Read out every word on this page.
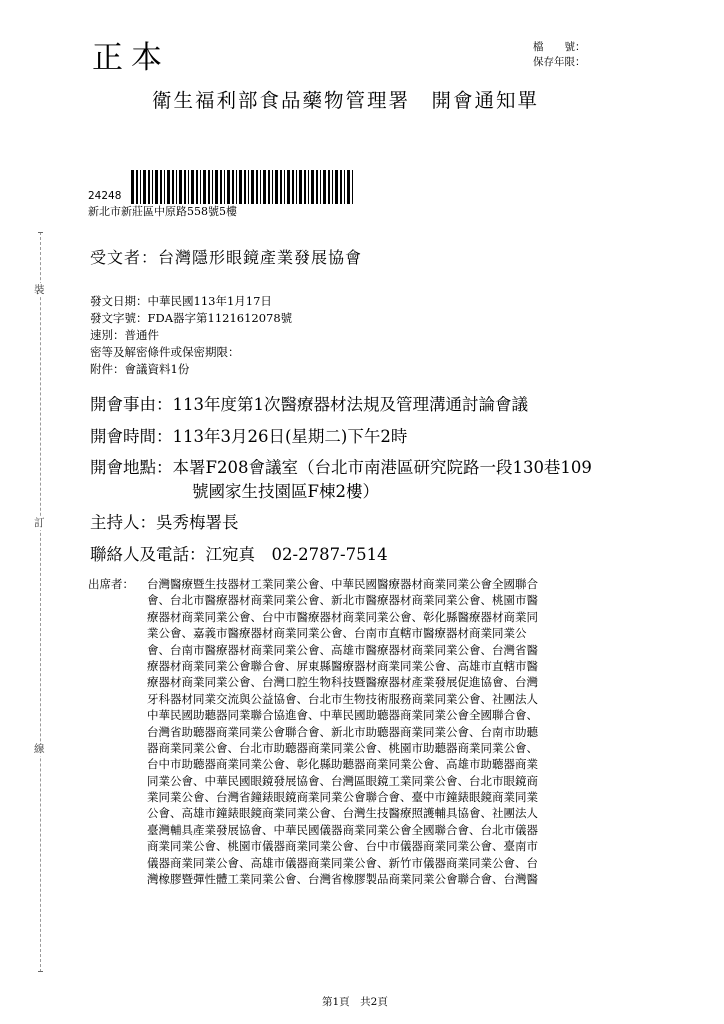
正本	檔　　號：
保存年限：
衛生福利部食品藥物管理署　開會通知單
24248
新北市新莊區中原路558號5樓
受文者：台灣隱形眼鏡產業發展協會
發文日期：中華民國113年1月17日
發文字號：FDA器字第1121612078號
速別：普通件
密等及解密條件或保密期限：
附件：會議資料1份
開會事由：113年度第1次醫療器材法規及管理溝通討論會議
開會時間：113年3月26日(星期二)下午2時
開會地點：本署F208會議室（台北市南港區研究院路一段130巷109
號國家生技園區F棟2樓）
主持人：吳秀梅署長
聯絡人及電話：江宛真　02-2787-7514
出席者： 台灣醫療暨生技器材工業同業公會、中華民國醫療器材商業同業公會全國聯合
會、台北市醫療器材商業同業公會、新北市醫療器材商業同業公會、桃園市醫
療器材商業同業公會、台中市醫療器材商業同業公會、彰化縣醫療器材商業同
業公會、嘉義市醫療器材商業同業公會、台南市直轄市醫療器材商業同業公
會、台南市醫療器材商業同業公會、高雄市醫療器材商業同業公會、台灣省醫
療器材商業同業公會聯合會、屏東縣醫療器材商業同業公會、高雄市直轄市醫
療器材商業同業公會、台灣口腔生物科技暨醫療器材產業發展促進協會、台灣
牙科器材同業交流與公益協會、台北市生物技術服務商業同業公會、社團法人
中華民國助聽器同業聯合協進會、中華民國助聽器商業同業公會全國聯合會、
台灣省助聽器商業同業公會聯合會、新北市助聽器商業同業公會、台南市助聽
器商業同業公會、台北市助聽器商業同業公會、桃園市助聽器商業同業公會、
台中市助聽器商業同業公會、彰化縣助聽器商業同業公會、高雄市助聽器商業
同業公會、中華民國眼鏡發展協會、台灣區眼鏡工業同業公會、台北市眼鏡商
業同業公會、台灣省鐘錶眼鏡商業同業公會聯合會、臺中市鐘錶眼鏡商業同業
公會、高雄市鐘錶眼鏡商業同業公會、台灣生技醫療照護輔具協會、社團法人
臺灣輔具產業發展協會、中華民國儀器商業同業公會全國聯合會、台北市儀器
商業同業公會、桃園市儀器商業同業公會、台中市儀器商業同業公會、臺南市
儀器商業同業公會、高雄市儀器商業同業公會、新竹市儀器商業同業公會、台
灣橡膠暨彈性體工業同業公會、台灣省橡膠製品商業同業公會聯合會、台灣醫
裝
訂
線
第1頁　共2頁
